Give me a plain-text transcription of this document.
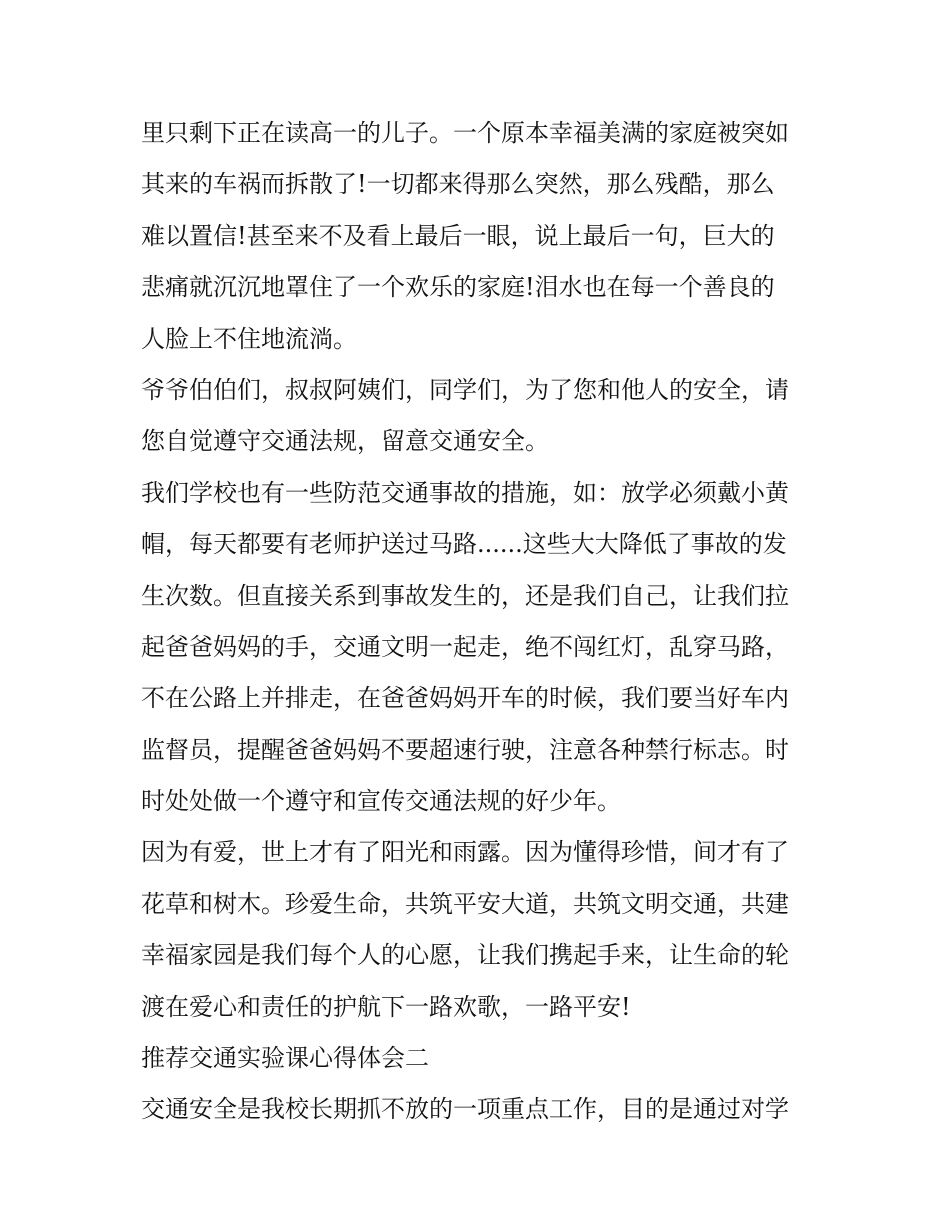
里只剩下正在读高一的儿子。一个原本幸福美满的家庭被突如
其来的车祸而拆散了!一切都来得那么突然，那么残酷，那么
难以置信!甚至来不及看上最后一眼，说上最后一句，巨大的
悲痛就沉沉地罩住了一个欢乐的家庭!泪水也在每一个善良的
人脸上不住地流淌。
爷爷伯伯们，叔叔阿姨们，同学们，为了您和他人的安全，请
您自觉遵守交通法规，留意交通安全。
我们学校也有一些防范交通事故的措施，如：放学必须戴小黄
帽，每天都要有老师护送过马路......这些大大降低了事故的发
生次数。但直接关系到事故发生的，还是我们自己，让我们拉
起爸爸妈妈的手，交通文明一起走，绝不闯红灯，乱穿马路，
不在公路上并排走，在爸爸妈妈开车的时候，我们要当好车内
监督员，提醒爸爸妈妈不要超速行驶，注意各种禁行标志。时
时处处做一个遵守和宣传交通法规的好少年。
因为有爱，世上才有了阳光和雨露。因为懂得珍惜，间才有了
花草和树木。珍爱生命，共筑平安大道，共筑文明交通，共建
幸福家园是我们每个人的心愿，让我们携起手来，让生命的轮
渡在爱心和责任的护航下一路欢歌，一路平安!
推荐交通实验课心得体会二
交通安全是我校长期抓不放的一项重点工作，目的是通过对学
